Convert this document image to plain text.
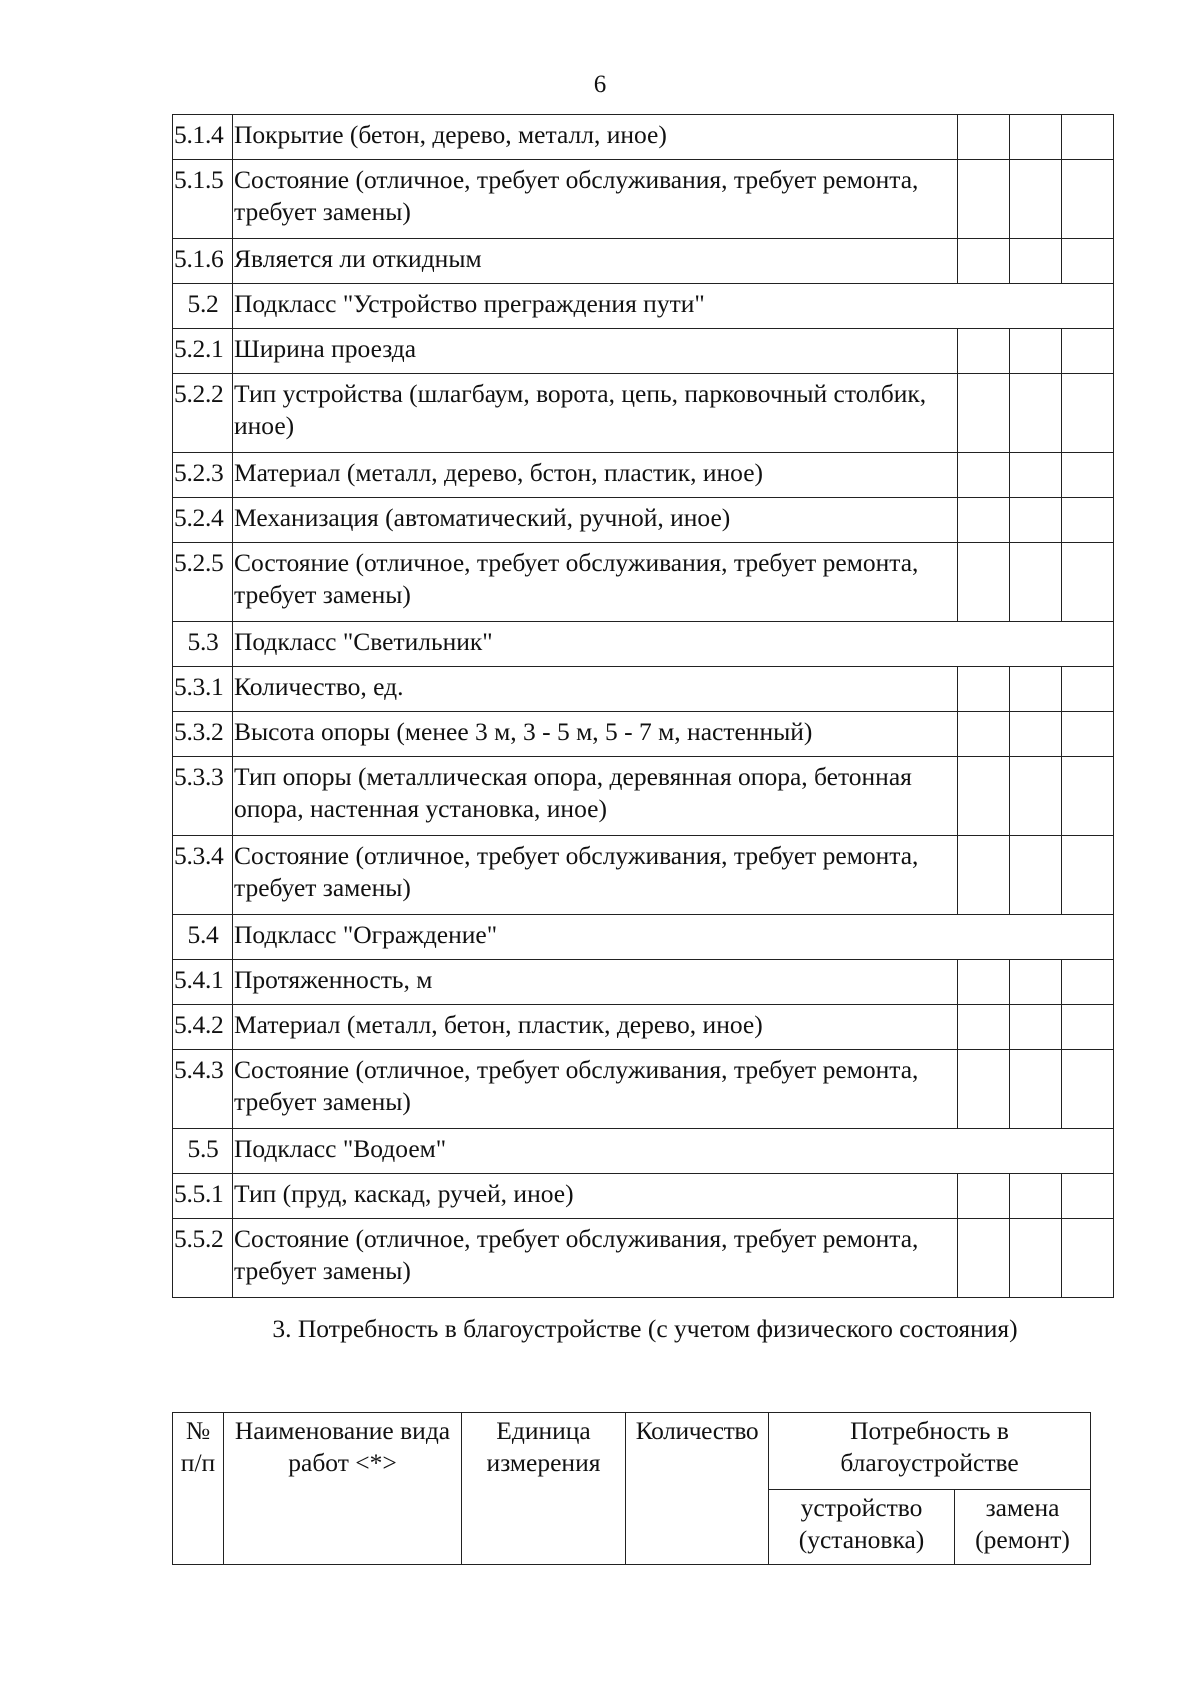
6
5.1.4	Покрытие (бетон, дерево, металл, иное)			
5.1.5	Состояние (отличное, требует обслуживания, требует ремонта, требует замены)			
5.1.6	Является ли откидным			
5.2	Подкласс "Устройство преграждения пути"			
5.2.1	Ширина проезда			
5.2.2	Тип устройства (шлагбаум, ворота, цепь, парковочный столбик, иное)			
5.2.3	Материал (металл, дерево, бстон, пластик, иное)			
5.2.4	Механизация (автоматический, ручной, иное)			
5.2.5	Состояние (отличное, требует обслуживания, требует ремонта, требует замены)			
5.3	Подкласс "Светильник"			
5.3.1	Количество, ед.			
5.3.2	Высота опоры (менее 3 м, 3 - 5 м, 5 - 7 м, настенный)			
5.3.3	Тип опоры (металлическая опора, деревянная опора, бетонная опора, настенная установка, иное)			
5.3.4	Состояние (отличное, требует обслуживания, требует ремонта, требует замены)			
5.4	Подкласс "Ограждение"			
5.4.1	Протяженность, м			
5.4.2	Материал (металл, бетон, пластик, дерево, иное)			
5.4.3	Состояние (отличное, требует обслуживания, требует ремонта, требует замены)			
5.5	Подкласс "Водоем"			
5.5.1	Тип (пруд, каскад, ручей, иное)			
5.5.2	Состояние (отличное, требует обслуживания, требует ремонта, требует замены)			
3. Потребность в благоустройстве (с учетом физического состояния)
№ п/п	Наименование вида работ <*>	Единица измерения	Количество	Потребность в благоустройстве	
				устройство (установка)	замена (ремонт)
